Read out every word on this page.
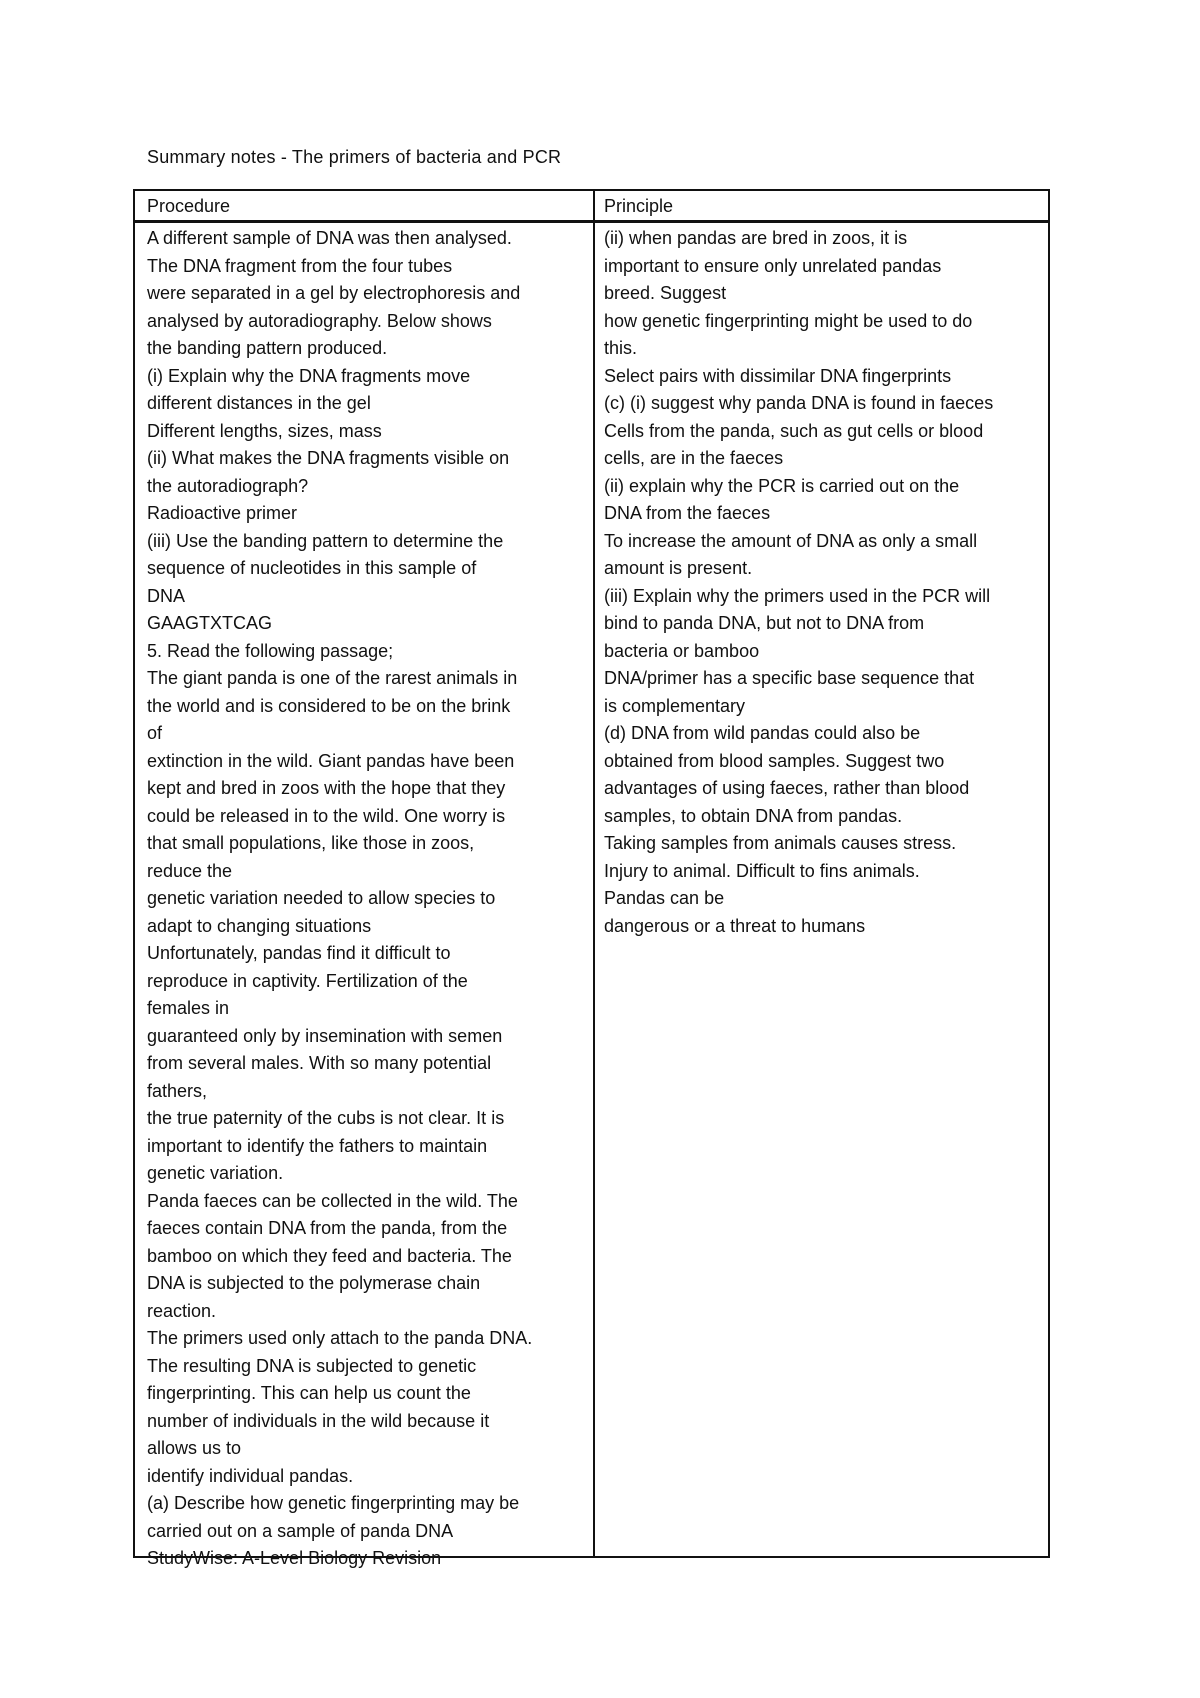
Summary notes - The primers of bacteria and PCR
Procedure	Principle
A different sample of DNA was then analysed.
The DNA fragment from the four tubes
were separated in a gel by electrophoresis and
analysed by autoradiography. Below shows
the banding pattern produced.
(i) Explain why the DNA fragments move
different distances in the gel
Different lengths, sizes, mass
(ii) What makes the DNA fragments visible on
the autoradiograph?
Radioactive primer
(iii) Use the banding pattern to determine the
sequence of nucleotides in this sample of
DNA
GAAGTXTCAG
5. Read the following passage;
The giant panda is one of the rarest animals in
the world and is considered to be on the brink
of
extinction in the wild. Giant pandas have been
kept and bred in zoos with the hope that they
could be released in to the wild. One worry is
that small populations, like those in zoos,
reduce the
genetic variation needed to allow species to
adapt to changing situations
Unfortunately, pandas find it difficult to
reproduce in captivity. Fertilization of the
females in
guaranteed only by insemination with semen
from several males. With so many potential
fathers,
the true paternity of the cubs is not clear. It is
important to identify the fathers to maintain
genetic variation.
Panda faeces can be collected in the wild. The
faeces contain DNA from the panda, from the
bamboo on which they feed and bacteria. The
DNA is subjected to the polymerase chain
reaction.
The primers used only attach to the panda DNA.
The resulting DNA is subjected to genetic
fingerprinting. This can help us count the
number of individuals in the wild because it
allows us to
identify individual pandas.
(a) Describe how genetic fingerprinting may be
carried out on a sample of panda DNA
StudyWise: A-Level Biology Revision
(ii) when pandas are bred in zoos, it is
important to ensure only unrelated pandas
breed. Suggest
how genetic fingerprinting might be used to do
this.
Select pairs with dissimilar DNA fingerprints
(c) (i) suggest why panda DNA is found in faeces
Cells from the panda, such as gut cells or blood
cells, are in the faeces
(ii) explain why the PCR is carried out on the
DNA from the faeces
To increase the amount of DNA as only a small
amount is present.
(iii) Explain why the primers used in the PCR will
bind to panda DNA, but not to DNA from
bacteria or bamboo
DNA/primer has a specific base sequence that
is complementary
(d) DNA from wild pandas could also be
obtained from blood samples. Suggest two
advantages of using faeces, rather than blood
samples, to obtain DNA from pandas.
Taking samples from animals causes stress.
Injury to animal. Difficult to fins animals.
Pandas can be
dangerous or a threat to humans
